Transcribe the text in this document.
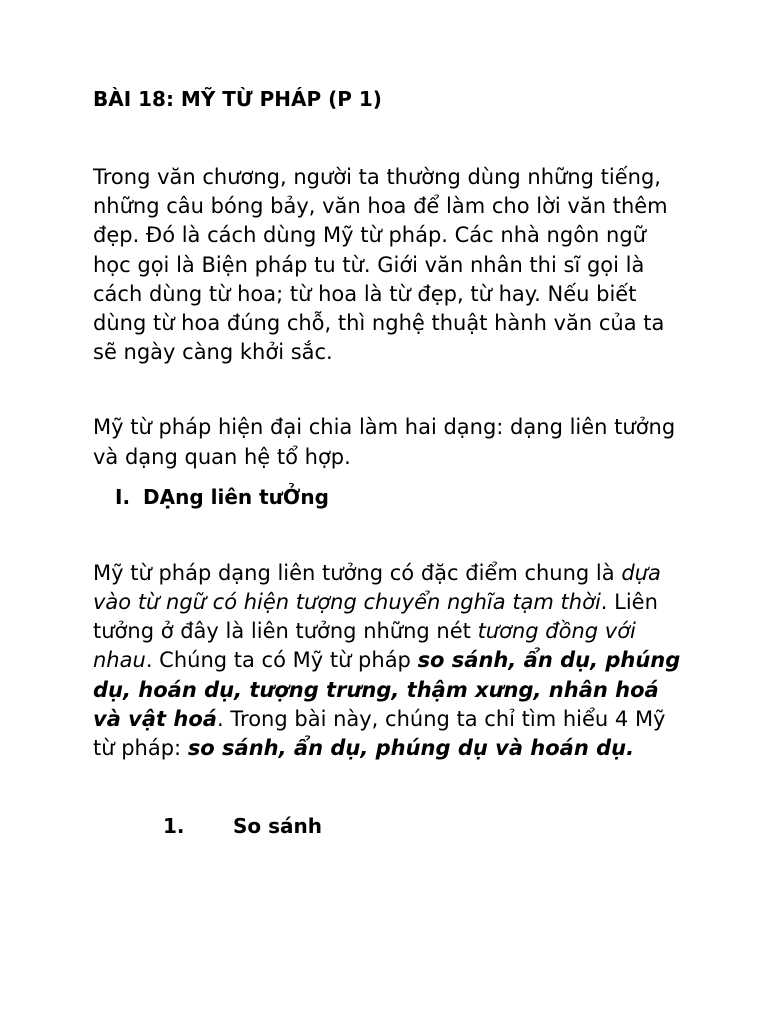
BÀI 18: MỸ TỪ PHÁP (P 1)

Trong văn chương, người ta thường dùng những tiếng, những câu bóng bảy, văn hoa để làm cho lời văn thêm đẹp. Đó là cách dùng Mỹ từ pháp. Các nhà ngôn ngữ học gọi là Biện pháp tu từ. Giới văn nhân thi sĩ gọi là cách dùng từ hoa; từ hoa là từ đẹp, từ hay. Nếu biết dùng từ hoa đúng chỗ, thì nghệ thuật hành văn của ta sẽ ngày càng khởi sắc.

Mỹ từ pháp hiện đại chia làm hai dạng: dạng liên tưởng và dạng quan hệ tổ hợp.

I. DẠng liên tưỞng

Mỹ từ pháp dạng liên tưởng có đặc điểm chung là dựa vào từ ngữ có hiện tượng chuyển nghĩa tạm thời. Liên tưởng ở đây là liên tưởng những nét tương đồng với nhau. Chúng ta có Mỹ từ pháp so sánh, ẩn dụ, phúng dụ, hoán dụ, tượng trưng, thậm xưng, nhân hoá và vật hoá. Trong bài này, chúng ta chỉ tìm hiểu 4 Mỹ từ pháp: so sánh, ẩn dụ, phúng dụ và hoán dụ.

1. So sánh
